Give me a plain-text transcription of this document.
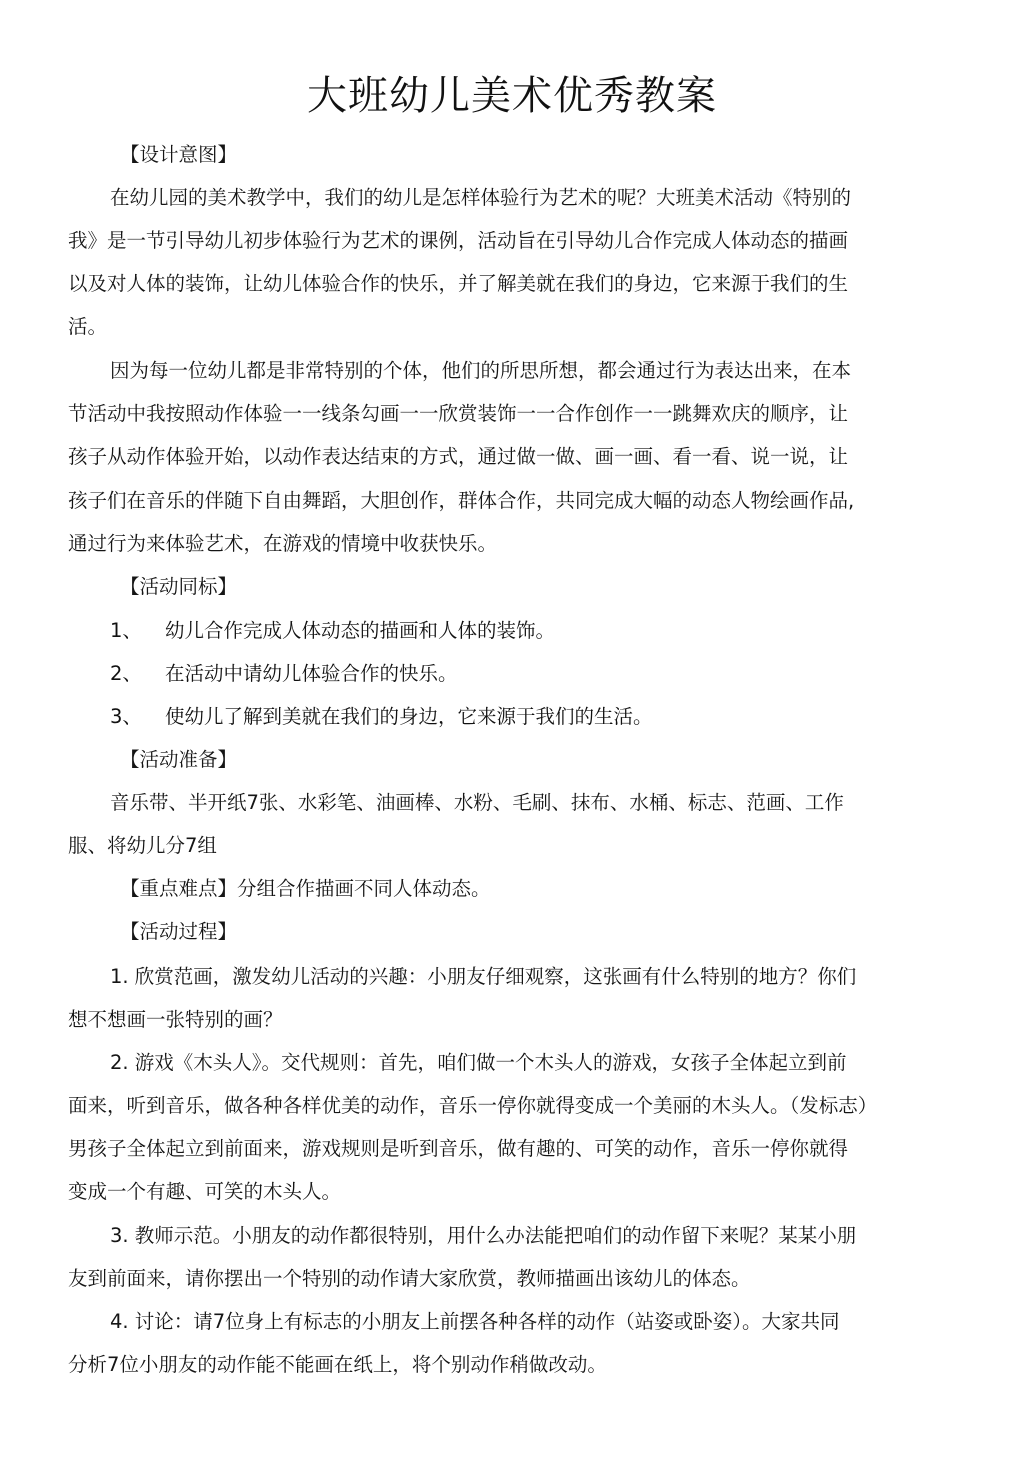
大班幼儿美术优秀教案
【设计意图】
在幼儿园的美术教学中，我们的幼儿是怎样体验行为艺术的呢？大班美术活动《特别的
我》是一节引导幼儿初步体验行为艺术的课例，活动旨在引导幼儿合作完成人体动态的描画
以及对人体的装饰，让幼儿体验合作的快乐，并了解美就在我们的身边，它来源于我们的生
活。
因为每一位幼儿都是非常特别的个体，他们的所思所想，都会通过行为表达出来，在本
节活动中我按照动作体验一一线条勾画一一欣赏装饰一一合作创作一一跳舞欢庆的顺序，让
孩子从动作体验开始，以动作表达结束的方式，通过做一做、画一画、看一看、说一说，让
孩子们在音乐的伴随下自由舞蹈，大胆创作，群体合作，共同完成大幅的动态人物绘画作品,
通过行为来体验艺术，在游戏的情境中收获快乐。
【活动同标】
1、 幼儿合作完成人体动态的描画和人体的装饰。
2、 在活动中请幼儿体验合作的快乐。
3、 使幼儿了解到美就在我们的身边，它来源于我们的生活。
【活动准备】
音乐带、半开纸7张、水彩笔、油画棒、水粉、毛刷、抹布、水桶、标志、范画、工作
服、将幼儿分7组
【重点难点】分组合作描画不同人体动态。
【活动过程】
1. 欣赏范画，激发幼儿活动的兴趣：小朋友仔细观察，这张画有什么特别的地方？你们
想不想画一张特别的画？
2. 游戏《木头人》。交代规则：首先，咱们做一个木头人的游戏，女孩子全体起立到前
面来，听到音乐，做各种各样优美的动作，音乐一停你就得变成一个美丽的木头人。（发标志）
男孩子全体起立到前面来，游戏规则是听到音乐，做有趣的、可笑的动作，音乐一停你就得
变成一个有趣、可笑的木头人。
3. 教师示范。小朋友的动作都很特别，用什么办法能把咱们的动作留下来呢？某某小朋
友到前面来，请你摆出一个特别的动作请大家欣赏，教师描画出该幼儿的体态。
4. 讨论：请7位身上有标志的小朋友上前摆各种各样的动作（站姿或卧姿）。大家共同
分析7位小朋友的动作能不能画在纸上，将个别动作稍做改动。
